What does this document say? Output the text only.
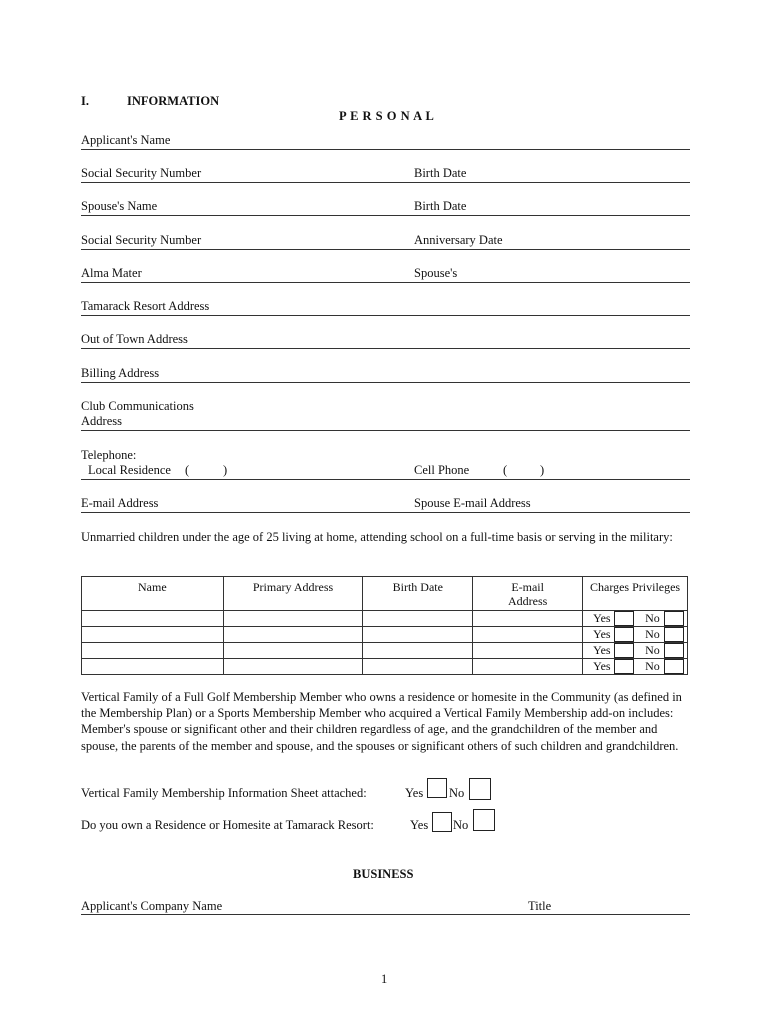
I.	INFORMATION
P E R S O N A L
Applicant's Name
Social Security Number	Birth Date
Spouse's Name	Birth Date
Social Security Number	Anniversary Date
Alma Mater	Spouse's
Tamarack Resort Address
Out of Town Address
Billing Address
Club Communications
Address
Telephone:
Local Residence (	)	Cell Phone	(	)
E-mail Address	Spouse E-mail Address
Unmarried children under the age of 25 living at home, attending school on a full-time basis or serving in the military:
Name	Primary Address	Birth Date	E-mail Address	Charges Privileges

				Yes No

				Yes No

				Yes No

				Yes No
Vertical Family of a Full Golf Membership Member who owns a residence or homesite in the Community (as defined in the Membership Plan) or a Sports Membership Member who acquired a Vertical Family Membership add-on includes: Member's spouse or significant other and their children regardless of age, and the grandchildren of the member and spouse, the parents of the member and spouse, and the spouses or significant others of such children and grandchildren.
Vertical Family Membership Information Sheet attached:	Yes No
Do you own a Residence or Homesite at Tamarack Resort:	Yes No
BUSINESS
Applicant's Company Name	Title
1
